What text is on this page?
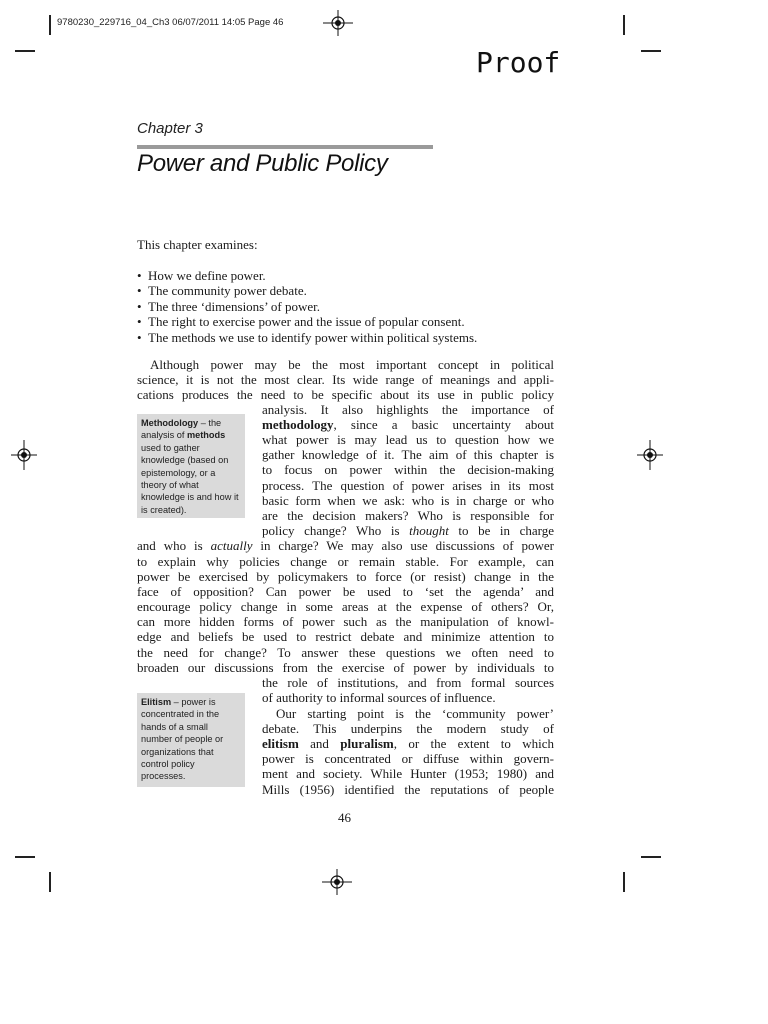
9780230_229716_04_Ch3 06/07/2011 14:05 Page 46
Proof
Chapter 3
Power and Public Policy
This chapter examines:
• How we define power.
• The community power debate.
• The three ‘dimensions’ of power.
• The right to exercise power and the issue of popular consent.
• The methods we use to identify power within political systems.
Methodology – the analysis of methods used to gather knowledge (based on epistemology, or a theory of what knowledge is and how it is created).
Elitism – power is concentrated in the hands of a small number of people or organizations that control policy processes.
Although power may be the most important concept in political
science, it is not the most clear. Its wide range of meanings and appli-
cations produces the need to be specific about its use in public policy
analysis. It also highlights the importance of
methodology, since a basic uncertainty about
what power is may lead us to question how we
gather knowledge of it. The aim of this chapter is
to focus on power within the decision-making
process. The question of power arises in its most
basic form when we ask: who is in charge or who
are the decision makers? Who is responsible for
policy change? Who is thought to be in charge
and who is actually in charge? We may also use discussions of power
to explain why policies change or remain stable. For example, can
power be exercised by policymakers to force (or resist) change in the
face of opposition? Can power be used to ‘set the agenda’ and
encourage policy change in some areas at the expense of others? Or,
can more hidden forms of power such as the manipulation of knowl-
edge and beliefs be used to restrict debate and minimize attention to
the need for change? To answer these questions we often need to
broaden our discussions from the exercise of power by individuals to
the role of institutions, and from formal sources
of authority to informal sources of influence.
Our starting point is the ‘community power’
debate. This underpins the modern study of
elitism and pluralism, or the extent to which
power is concentrated or diffuse within govern-
ment and society. While Hunter (1953; 1980) and
Mills (1956) identified the reputations of people
46
